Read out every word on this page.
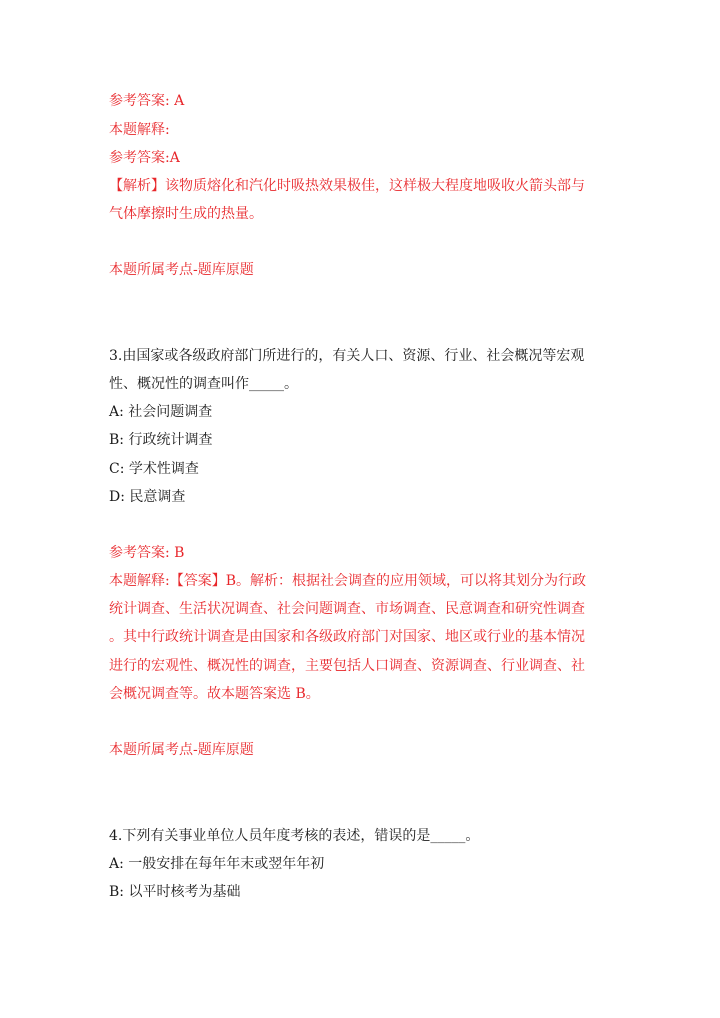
参考答案: A
本题解释:
参考答案:A
【解析】该物质熔化和汽化时吸热效果极佳，这样极大程度地吸收火箭头部与
气体摩擦时生成的热量。
本题所属考点-题库原题
3.由国家或各级政府部门所进行的，有关人口、资源、行业、社会概况等宏观
性、概况性的调查叫作_____。
A: 社会问题调查
B: 行政统计调查
C: 学术性调查
D: 民意调查
参考答案: B
本题解释:【答案】B。解析：根据社会调查的应用领域，可以将其划分为行政
统计调查、生活状况调查、社会问题调查、市场调查、民意调查和研究性调查
。其中行政统计调查是由国家和各级政府部门对国家、地区或行业的基本情况
进行的宏观性、概况性的调查，主要包括人口调查、资源调查、行业调查、社
会概况调查等。故本题答案选 B。
本题所属考点-题库原题
4.下列有关事业单位人员年度考核的表述，错误的是_____。
A: 一般安排在每年年末或翌年年初
B: 以平时核考为基础
